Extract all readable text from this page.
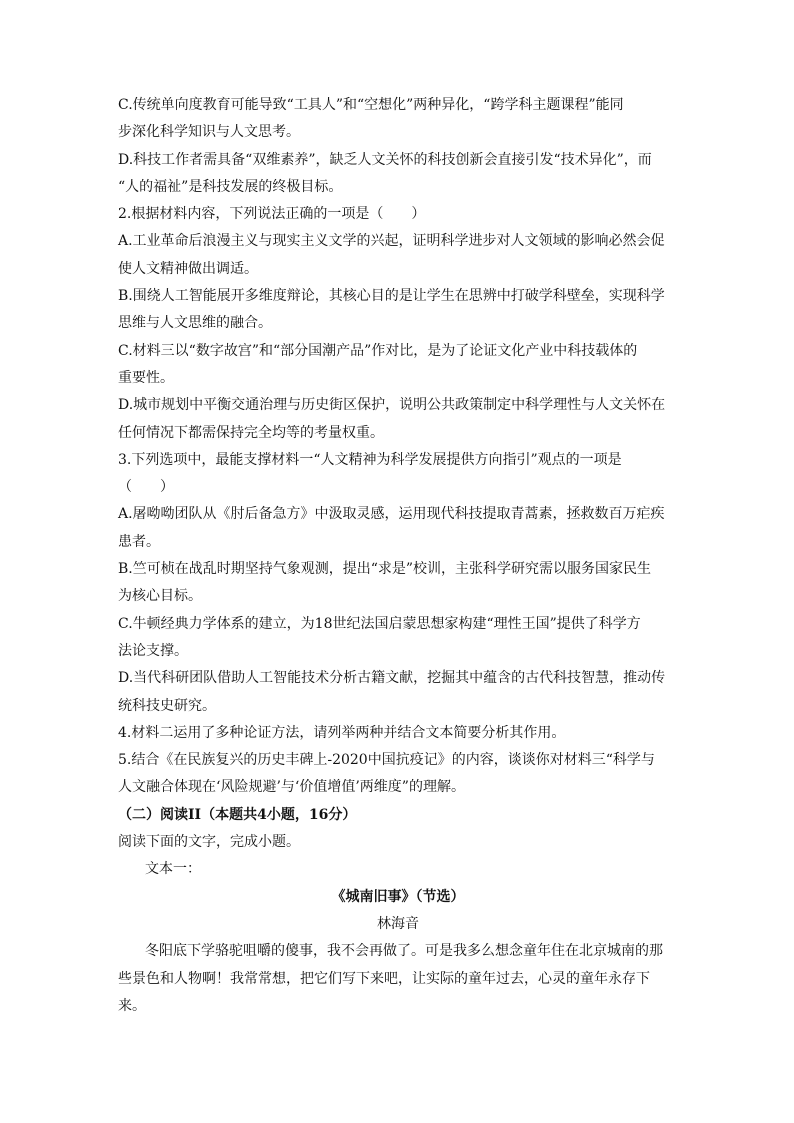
C.传统单向度教育可能导致“工具人”和“空想化”两种异化，“跨学科主题课程”能同
步深化科学知识与人文思考。
D.科技工作者需具备“双维素养”，缺乏人文关怀的科技创新会直接引发“技术异化”，而
“人的福祉”是科技发展的终极目标。
2.根据材料内容，下列说法正确的一项是（　　）
A.工业革命后浪漫主义与现实主义文学的兴起，证明科学进步对人文领域的影响必然会促
使人文精神做出调适。
B.围绕人工智能展开多维度辩论，其核心目的是让学生在思辨中打破学科壁垒，实现科学
思维与人文思维的融合。
C.材料三以“数字故宫”和“部分国潮产品”作对比，是为了论证文化产业中科技载体的
重要性。
D.城市规划中平衡交通治理与历史街区保护，说明公共政策制定中科学理性与人文关怀在
任何情况下都需保持完全均等的考量权重。
3.下列选项中，最能支撑材料一“人文精神为科学发展提供方向指引”观点的一项是
（　　）
A.屠呦呦团队从《肘后备急方》中汲取灵感，运用现代科技提取青蒿素，拯救数百万疟疾
患者。
B.竺可桢在战乱时期坚持气象观测，提出“求是”校训，主张科学研究需以服务国家民生
为核心目标。
C.牛顿经典力学体系的建立，为18世纪法国启蒙思想家构建“理性王国”提供了科学方
法论支撑。
D.当代科研团队借助人工智能技术分析古籍文献，挖掘其中蕴含的古代科技智慧，推动传
统科技史研究。
4.材料二运用了多种论证方法，请列举两种并结合文本简要分析其作用。
5.结合《在民族复兴的历史丰碑上-2020中国抗疫记》的内容，谈谈你对材料三“科学与
人文融合体现在‘风险规避’与‘价值增值’两维度”的理解。
（二）阅读II（本题共4小题，16分）
阅读下面的文字，完成小题。
文本一：
《城南旧事》（节选）
林海音
冬阳底下学骆驼咀嚼的傻事，我不会再做了。可是我多么想念童年住在北京城南的那
些景色和人物啊！我常常想，把它们写下来吧，让实际的童年过去，心灵的童年永存下
来。
